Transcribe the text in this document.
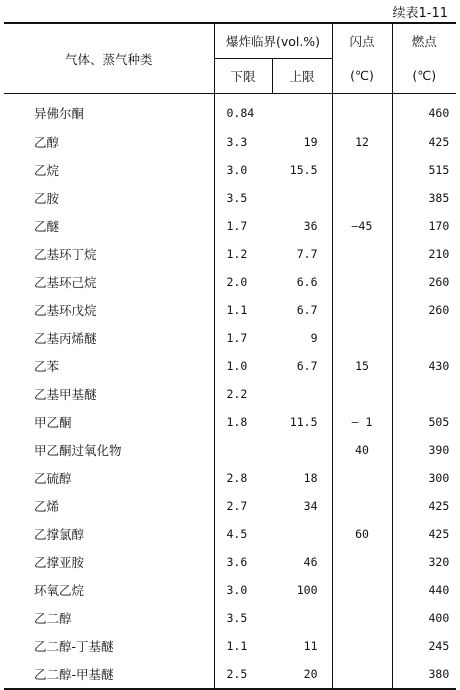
续表1-11
气体、蒸气种类	爆炸临界(vol.%)		闪点	燃点
	下限	上限	(℃)	(℃)
异佛尔酮	0.84			460
乙醇	3.3	19	12	425
乙烷	3.0	15.5		515
乙胺	3.5			385
乙醚	1.7	36	—45	170
乙基环丁烷	1.2	7.7		210
乙基环己烷	2.0	6.6		260
乙基环戊烷	1.1	6.7		260
乙基丙烯醚	1.7	9		
乙苯	1.0	6.7	15	430
乙基甲基醚	2.2			
甲乙酮	1.8	11.5	— 1	505
甲乙酮过氧化物			40	390
乙硫醇	2.8	18		300
乙烯	2.7	34		425
乙撑氯醇	4.5		60	425
乙撑亚胺	3.6	46		320
环氧乙烷	3.0	100		440
乙二醇	3.5			400
乙二醇-丁基醚	1.1	11		245
乙二醇-甲基醚	2.5	20		380
